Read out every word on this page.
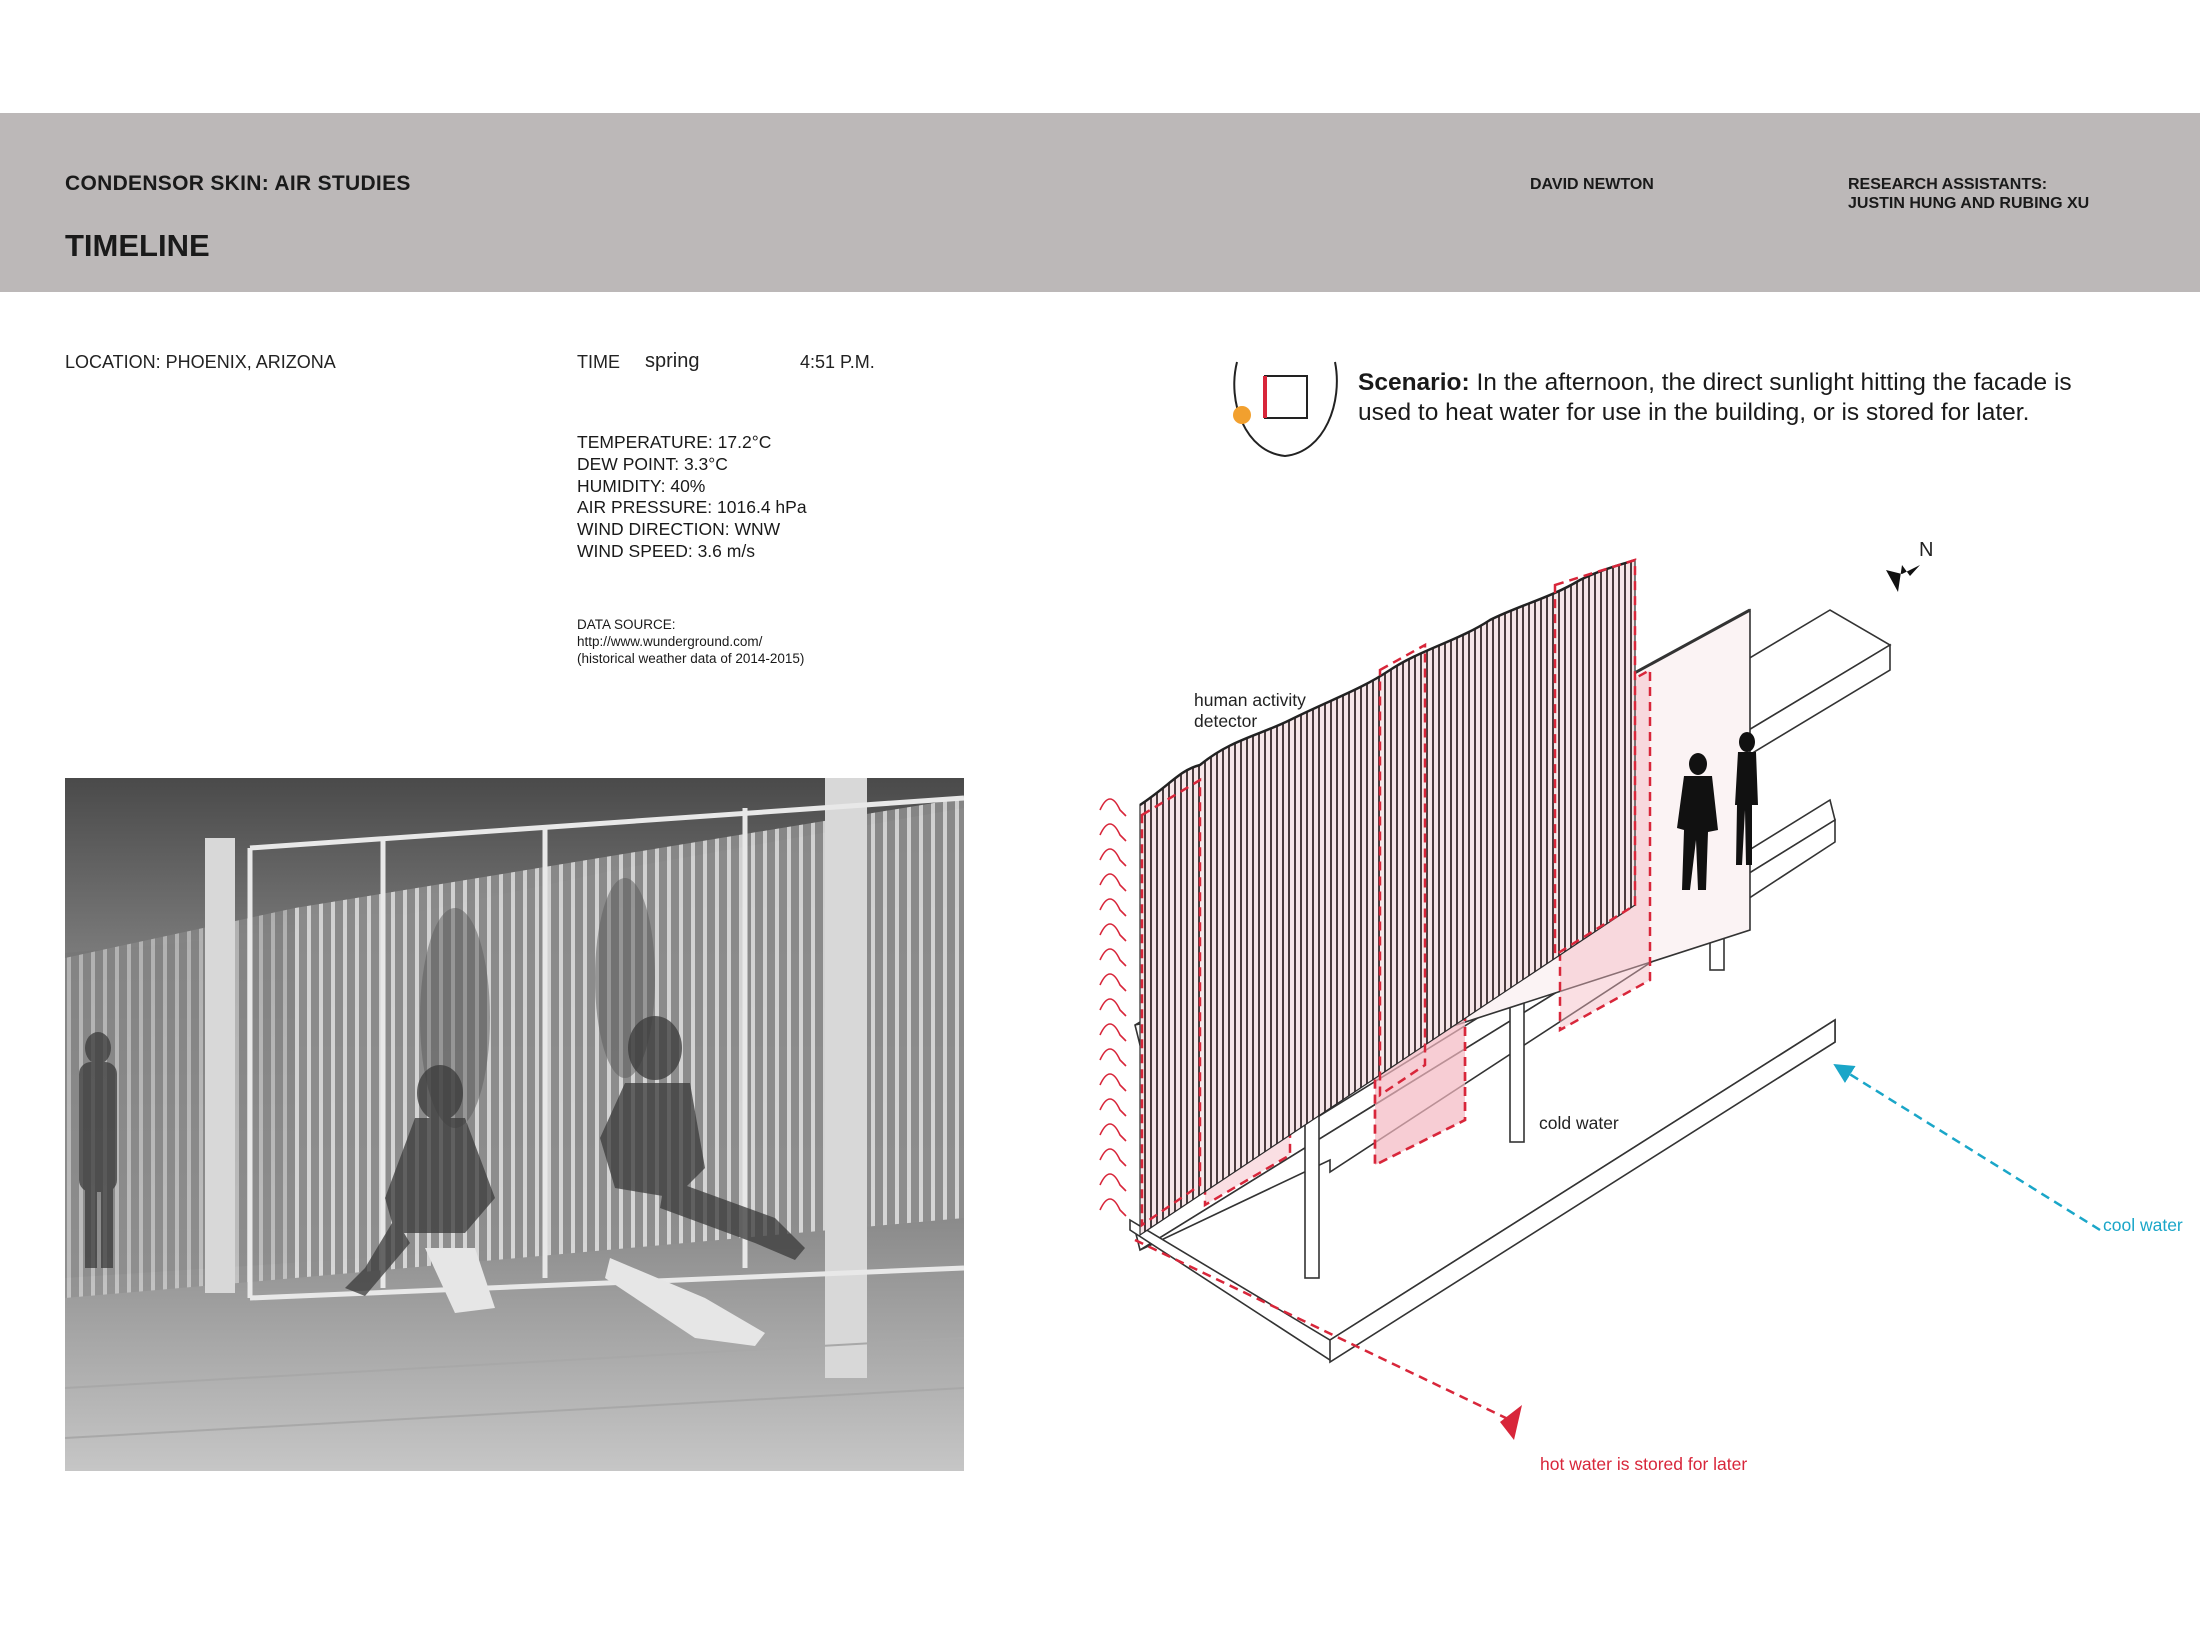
CONDENSOR SKIN: AIR STUDIES
TIMELINE
DAVID NEWTON	RESEARCH ASSISTANTS:
JUSTIN HUNG AND RUBING XU
LOCATION: PHOENIX, ARIZONA	TIME spring	4:51 P.M.
TEMPERATURE: 17.2°C
DEW POINT: 3.3°C
HUMIDITY: 40%
AIR PRESSURE: 1016.4 hPa
WIND DIRECTION: WNW
WIND SPEED: 3.6 m/s
DATA SOURCE:
http://www.wunderground.com/
(historical weather data of 2014-2015)
Scenario: In the afternoon, the direct sunlight hitting the facade is used to heat water for use in the building, or is stored for later.
N
human activity
detector
cold water
cool water
hot water is stored for later
